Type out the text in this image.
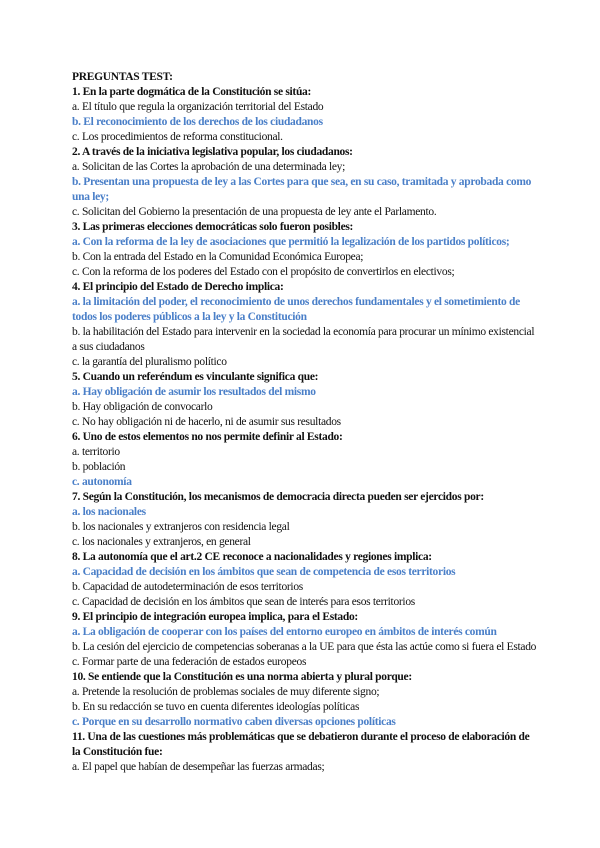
PREGUNTAS TEST:
1. En la parte dogmática de la Constitución se sitúa:
a. El título que regula la organización territorial del Estado
b. El reconocimiento de los derechos de los ciudadanos
c. Los procedimientos de reforma constitucional.
2. A través de la iniciativa legislativa popular, los ciudadanos:
a. Solicitan de las Cortes la aprobación de una determinada ley;
b. Presentan una propuesta de ley a las Cortes para que sea, en su caso, tramitada y aprobada como una ley;
c. Solicitan del Gobierno la presentación de una propuesta de ley ante el Parlamento.
3. Las primeras elecciones democráticas solo fueron posibles:
a. Con la reforma de la ley de asociaciones que permitió la legalización de los partidos políticos;
b. Con la entrada del Estado en la Comunidad Económica Europea;
c. Con la reforma de los poderes del Estado con el propósito de convertirlos en electivos;
4. El principio del Estado de Derecho implica:
a. la limitación del poder, el reconocimiento de unos derechos fundamentales y el sometimiento de todos los poderes públicos a la ley y la Constitución
b. la habilitación del Estado para intervenir en la sociedad la economía para procurar un mínimo existencial a sus ciudadanos
c. la garantía del pluralismo político
5. Cuando un referéndum es vinculante significa que:
a. Hay obligación de asumir los resultados del mismo
b. Hay obligación de convocarlo
c. No hay obligación ni de hacerlo, ni de asumir sus resultados
6. Uno de estos elementos no nos permite definir al Estado:
a. territorio
b. población
c. autonomía
7. Según la Constitución, los mecanismos de democracia directa pueden ser ejercidos por:
a. los nacionales
b. los nacionales y extranjeros con residencia legal
c. los nacionales y extranjeros, en general
8. La autonomía que el art.2 CE reconoce a nacionalidades y regiones implica:
a. Capacidad de decisión en los ámbitos que sean de competencia de esos territorios
b. Capacidad de autodeterminación de esos territorios
c. Capacidad de decisión en los ámbitos que sean de interés para esos territorios
9. El principio de integración europea implica, para el Estado:
a. La obligación de cooperar con los países del entorno europeo en ámbitos de interés común
b. La cesión del ejercicio de competencias soberanas a la UE para que ésta las actúe como si fuera el Estado
c. Formar parte de una federación de estados europeos
10. Se entiende que la Constitución es una norma abierta y plural porque:
a. Pretende la resolución de problemas sociales de muy diferente signo;
b. En su redacción se tuvo en cuenta diferentes ideologías políticas
c. Porque en su desarrollo normativo caben diversas opciones políticas
11. Una de las cuestiones más problemáticas que se debatieron durante el proceso de elaboración de la Constitución fue:
a. El papel que habían de desempeñar las fuerzas armadas;
